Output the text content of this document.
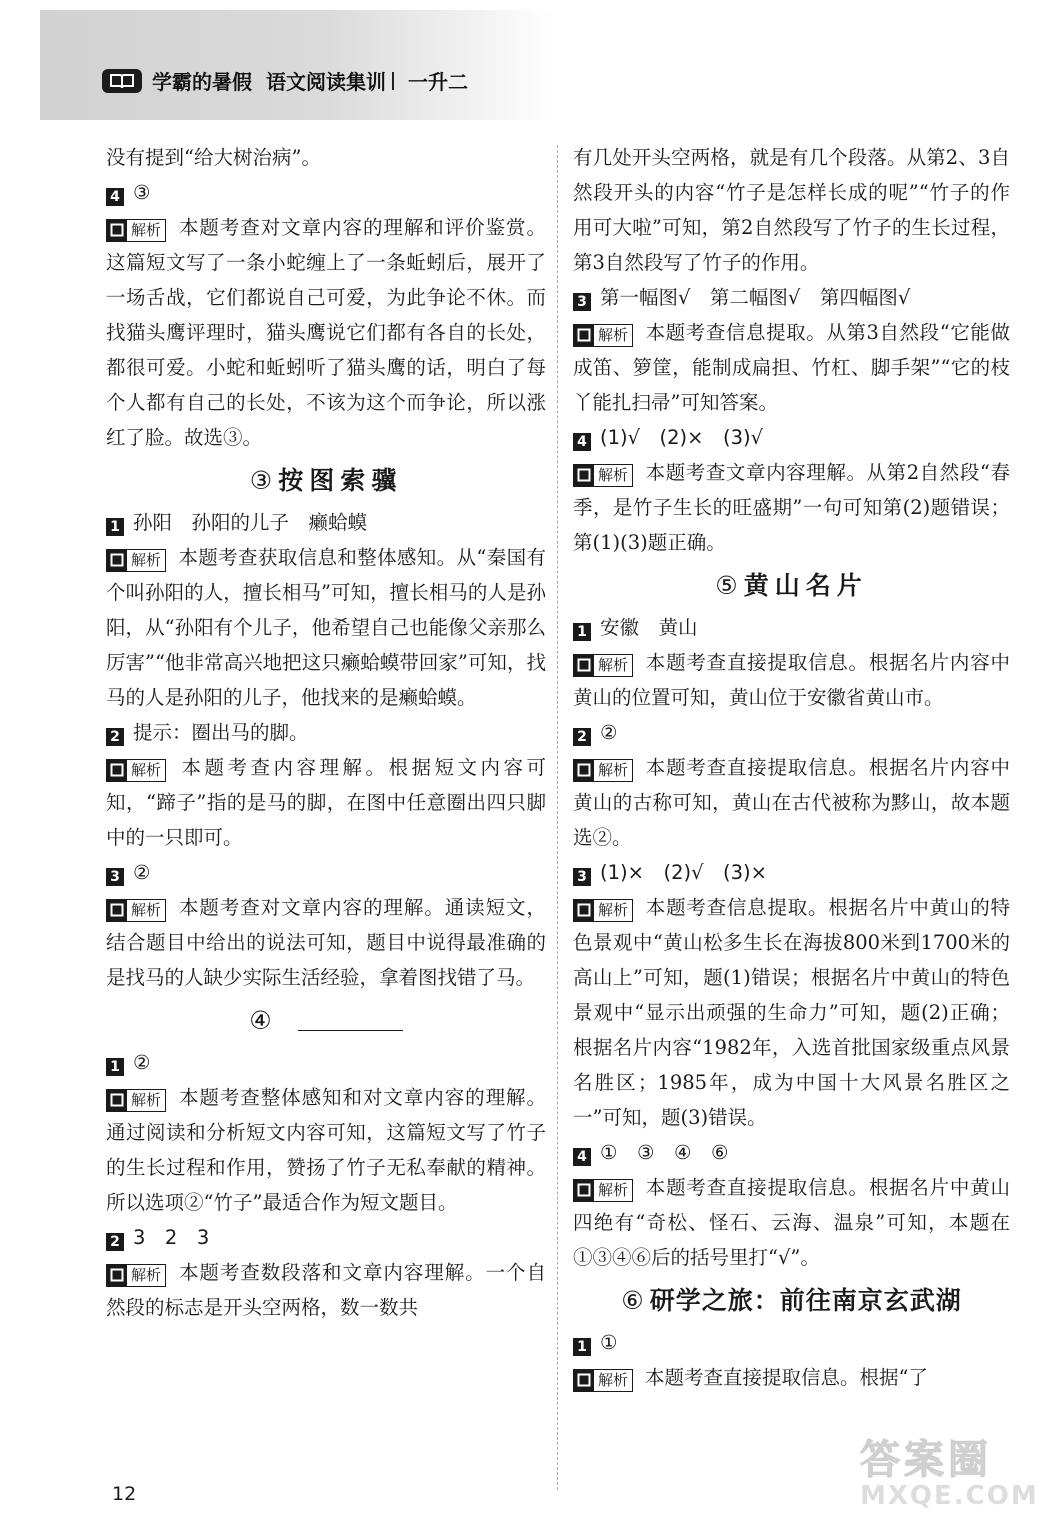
学霸的暑假 语文阅读集训 一升二

没有提到“给大树治病”。

4 ③

解析 本题考查对文章内容的理解和评价鉴赏。这篇短文写了一条小蛇缠上了一条蚯蚓后，展开了一场舌战，它们都说自己可爱，为此争论不休。而找猫头鹰评理时，猫头鹰说它们都有各自的长处，都很可爱。小蛇和蚯蚓听了猫头鹰的话，明白了每个人都有自己的长处，不该为这个而争论，所以涨红了脸。故选③。

③ 按图索骥

1 孙阳　孙阳的儿子　癞蛤蟆

解析 本题考查获取信息和整体感知。从“秦国有个叫孙阳的人，擅长相马”可知，擅长相马的人是孙阳，从“孙阳有个儿子，他希望自己也能像父亲那么厉害”“他非常高兴地把这只癞蛤蟆带回家”可知，找马的人是孙阳的儿子，他找来的是癞蛤蟆。

2 提示：圈出马的脚。

解析 本题考查内容理解。根据短文内容可知，“蹄子”指的是马的脚，在图中任意圈出四只脚中的一只即可。

3 ②

解析 本题考查对文章内容的理解。通读短文，结合题目中给出的说法可知，题目中说得最准确的是找马的人缺少实际生活经验，拿着图找错了马。

④

1 ②

解析 本题考查整体感知和对文章内容的理解。通过阅读和分析短文内容可知，这篇短文写了竹子的生长过程和作用，赞扬了竹子无私奉献的精神。所以选项②“竹子”最适合作为短文题目。

2 3　2　3

解析 本题考查数段落和文章内容理解。一个自然段的标志是开头空两格，数一数共

有几处开头空两格，就是有几个段落。从第2、3自然段开头的内容“竹子是怎样长成的呢”“竹子的作用可大啦”可知，第2自然段写了竹子的生长过程，第3自然段写了竹子的作用。

3 第一幅图√　第二幅图√　第四幅图√

解析 本题考查信息提取。从第3自然段“它能做成笛、箩筐，能制成扁担、竹杠、脚手架”“它的枝丫能扎扫帚”可知答案。

4 (1)√　(2)×　(3)√

解析 本题考查文章内容理解。从第2自然段“春季，是竹子生长的旺盛期”一句可知第(2)题错误；第(1)(3)题正确。

⑤ 黄山名片

1 安徽　黄山

解析 本题考查直接提取信息。根据名片内容中黄山的位置可知，黄山位于安徽省黄山市。

2 ②

解析 本题考查直接提取信息。根据名片内容中黄山的古称可知，黄山在古代被称为黟山，故本题选②。

3 (1)×　(2)√　(3)×

解析 本题考查信息提取。根据名片中黄山的特色景观中“黄山松多生长在海拔800米到1700米的高山上”可知，题(1)错误；根据名片中黄山的特色景观中“显示出顽强的生命力”可知，题(2)正确；根据名片内容“1982年，入选首批国家级重点风景名胜区；1985年，成为中国十大风景名胜区之一”可知，题(3)错误。

4 ①　③　④　⑥

解析 本题考查直接提取信息。根据名片中黄山四绝有“奇松、怪石、云海、温泉”可知，本题在①③④⑥后的括号里打“√”。

⑥ 研学之旅：前往南京玄武湖

1 ①

解析 本题考查直接提取信息。根据“了

12
答案圈
MXQE.COM
